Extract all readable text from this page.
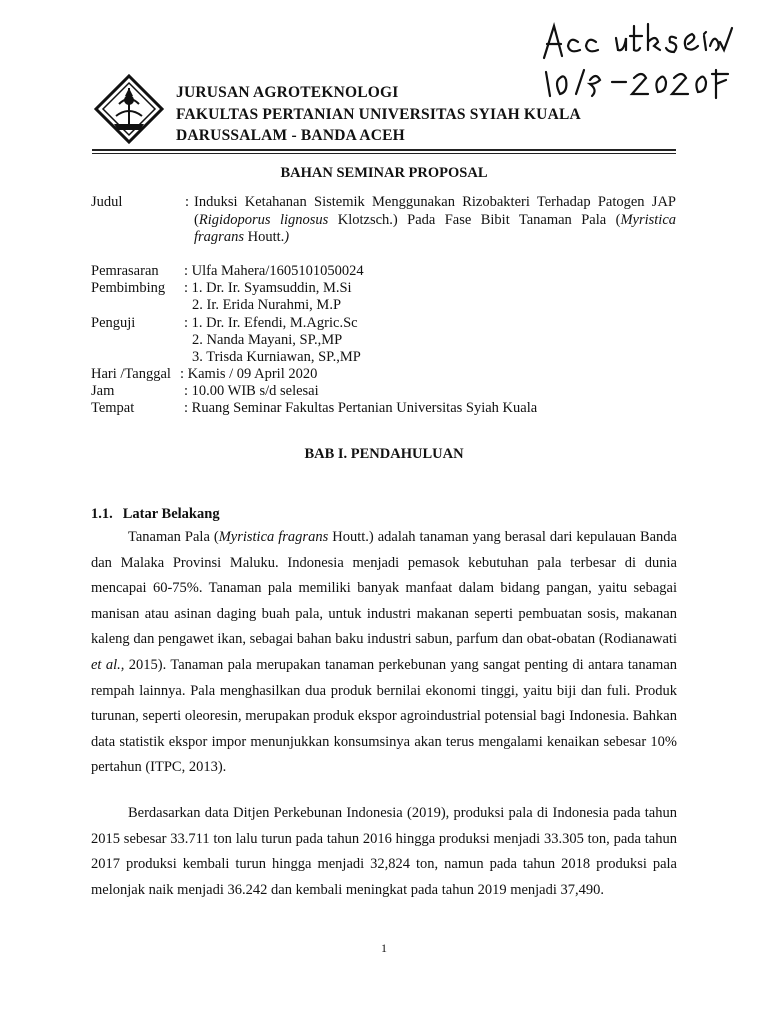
JURUSAN AGROTEKNOLOGI
FAKULTAS PERTANIAN UNIVERSITAS SYIAH KUALA
DARUSSALAM - BANDA ACEH
BAHAN SEMINAR PROPOSAL
Judul	: Induksi Ketahanan Sistemik Menggunakan Rizobakteri Terhadap Patogen JAP (Rigidoporus lignosus Klotzsch.) Pada Fase Bibit Tanaman Pala (Myristica fragrans Houtt.)
Pemrasaran : Ulfa Mahera/1605101050024
Pembimbing : 1. Dr. Ir. Syamsuddin, M.Si
2. Ir. Erida Nurahmi, M.P
Penguji	: 1. Dr. Ir. Efendi, M.Agric.Sc
2. Nanda Mayani, SP.,MP
3. Trisda Kurniawan, SP.,MP
Hari /Tanggal : Kamis / 09 April 2020
Jam	: 10.00 WIB s/d selesai
Tempat	: Ruang Seminar Fakultas Pertanian Universitas Syiah Kuala
BAB I. PENDAHULUAN
1.1. Latar Belakang
Tanaman Pala (Myristica fragrans Houtt.) adalah tanaman yang berasal dari kepulauan Banda dan Malaka Provinsi Maluku. Indonesia menjadi pemasok kebutuhan pala terbesar di dunia mencapai 60-75%. Tanaman pala memiliki banyak manfaat dalam bidang pangan, yaitu sebagai manisan atau asinan daging buah pala, untuk industri makanan seperti pembuatan sosis, makanan kaleng dan pengawet ikan, sebagai bahan baku industri sabun, parfum dan obat-obatan (Rodianawati et al., 2015). Tanaman pala merupakan tanaman perkebunan yang sangat penting di antara tanaman rempah lainnya. Pala menghasilkan dua produk bernilai ekonomi tinggi, yaitu biji dan fuli. Produk turunan, seperti oleoresin, merupakan produk ekspor agroindustrial potensial bagi Indonesia. Bahkan data statistik ekspor impor menunjukkan konsumsinya akan terus mengalami kenaikan sebesar 10% pertahun (ITPC, 2013).
Berdasarkan data Ditjen Perkebunan Indonesia (2019), produksi pala di Indonesia pada tahun 2015 sebesar 33.711 ton lalu turun pada tahun 2016 hingga produksi menjadi 33.305 ton, pada tahun 2017 produksi kembali turun hingga menjadi 32,824 ton, namun pada tahun 2018 produksi pala melonjak naik menjadi 36.242 dan kembali meningkat pada tahun 2019 menjadi 37,490.
1
